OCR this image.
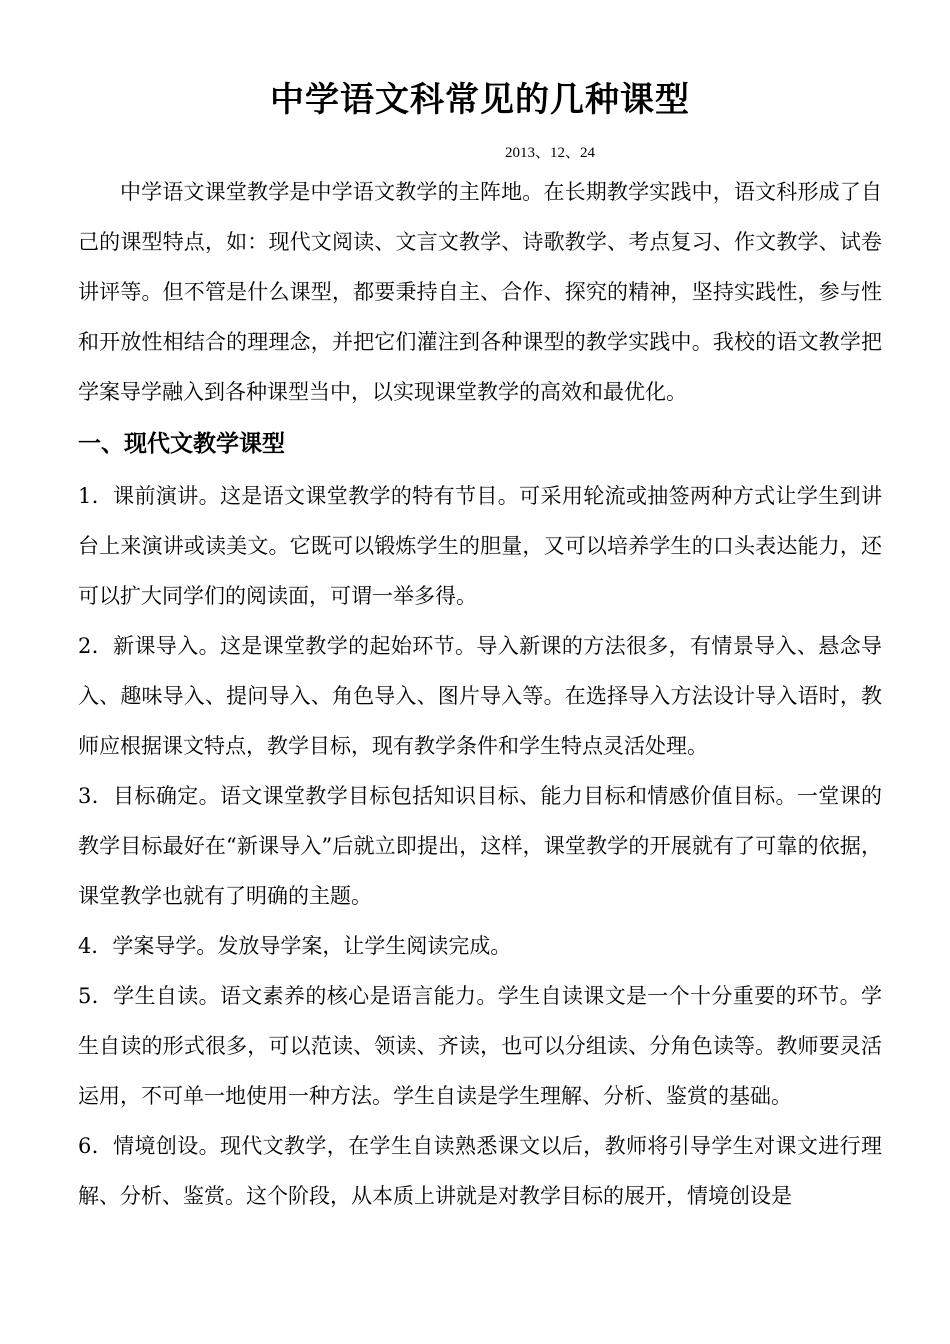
中学语文科常见的几种课型
2013、12、24

中学语文课堂教学是中学语文教学的主阵地。在长期教学实践中，语文科形成了自己的课型特点，如：现代文阅读、文言文教学、诗歌教学、考点复习、作文教学、试卷讲评等。但不管是什么课型，都要秉持自主、合作、探究的精神，坚持实践性，参与性和开放性相结合的理理念，并把它们灌注到各种课型的教学实践中。我校的语文教学把学案导学融入到各种课型当中，以实现课堂教学的高效和最优化。

一、现代文教学课型

1．课前演讲。这是语文课堂教学的特有节目。可采用轮流或抽签两种方式让学生到讲台上来演讲或读美文。它既可以锻炼学生的胆量，又可以培养学生的口头表达能力，还可以扩大同学们的阅读面，可谓一举多得。

2．新课导入。这是课堂教学的起始环节。导入新课的方法很多，有情景导入、悬念导入、趣味导入、提问导入、角色导入、图片导入等。在选择导入方法设计导入语时，教师应根据课文特点，教学目标，现有教学条件和学生特点灵活处理。

3．目标确定。语文课堂教学目标包括知识目标、能力目标和情感价值目标。一堂课的教学目标最好在“新课导入”后就立即提出，这样，课堂教学的开展就有了可靠的依据，课堂教学也就有了明确的主题。

4．学案导学。发放导学案，让学生阅读完成。

5．学生自读。语文素养的核心是语言能力。学生自读课文是一个十分重要的环节。学生自读的形式很多，可以范读、领读、齐读，也可以分组读、分角色读等。教师要灵活运用，不可单一地使用一种方法。学生自读是学生理解、分析、鉴赏的基础。

6．情境创设。现代文教学，在学生自读熟悉课文以后，教师将引导学生对课文进行理解、分析、鉴赏。这个阶段，从本质上讲就是对教学目标的展开，情境创设是
